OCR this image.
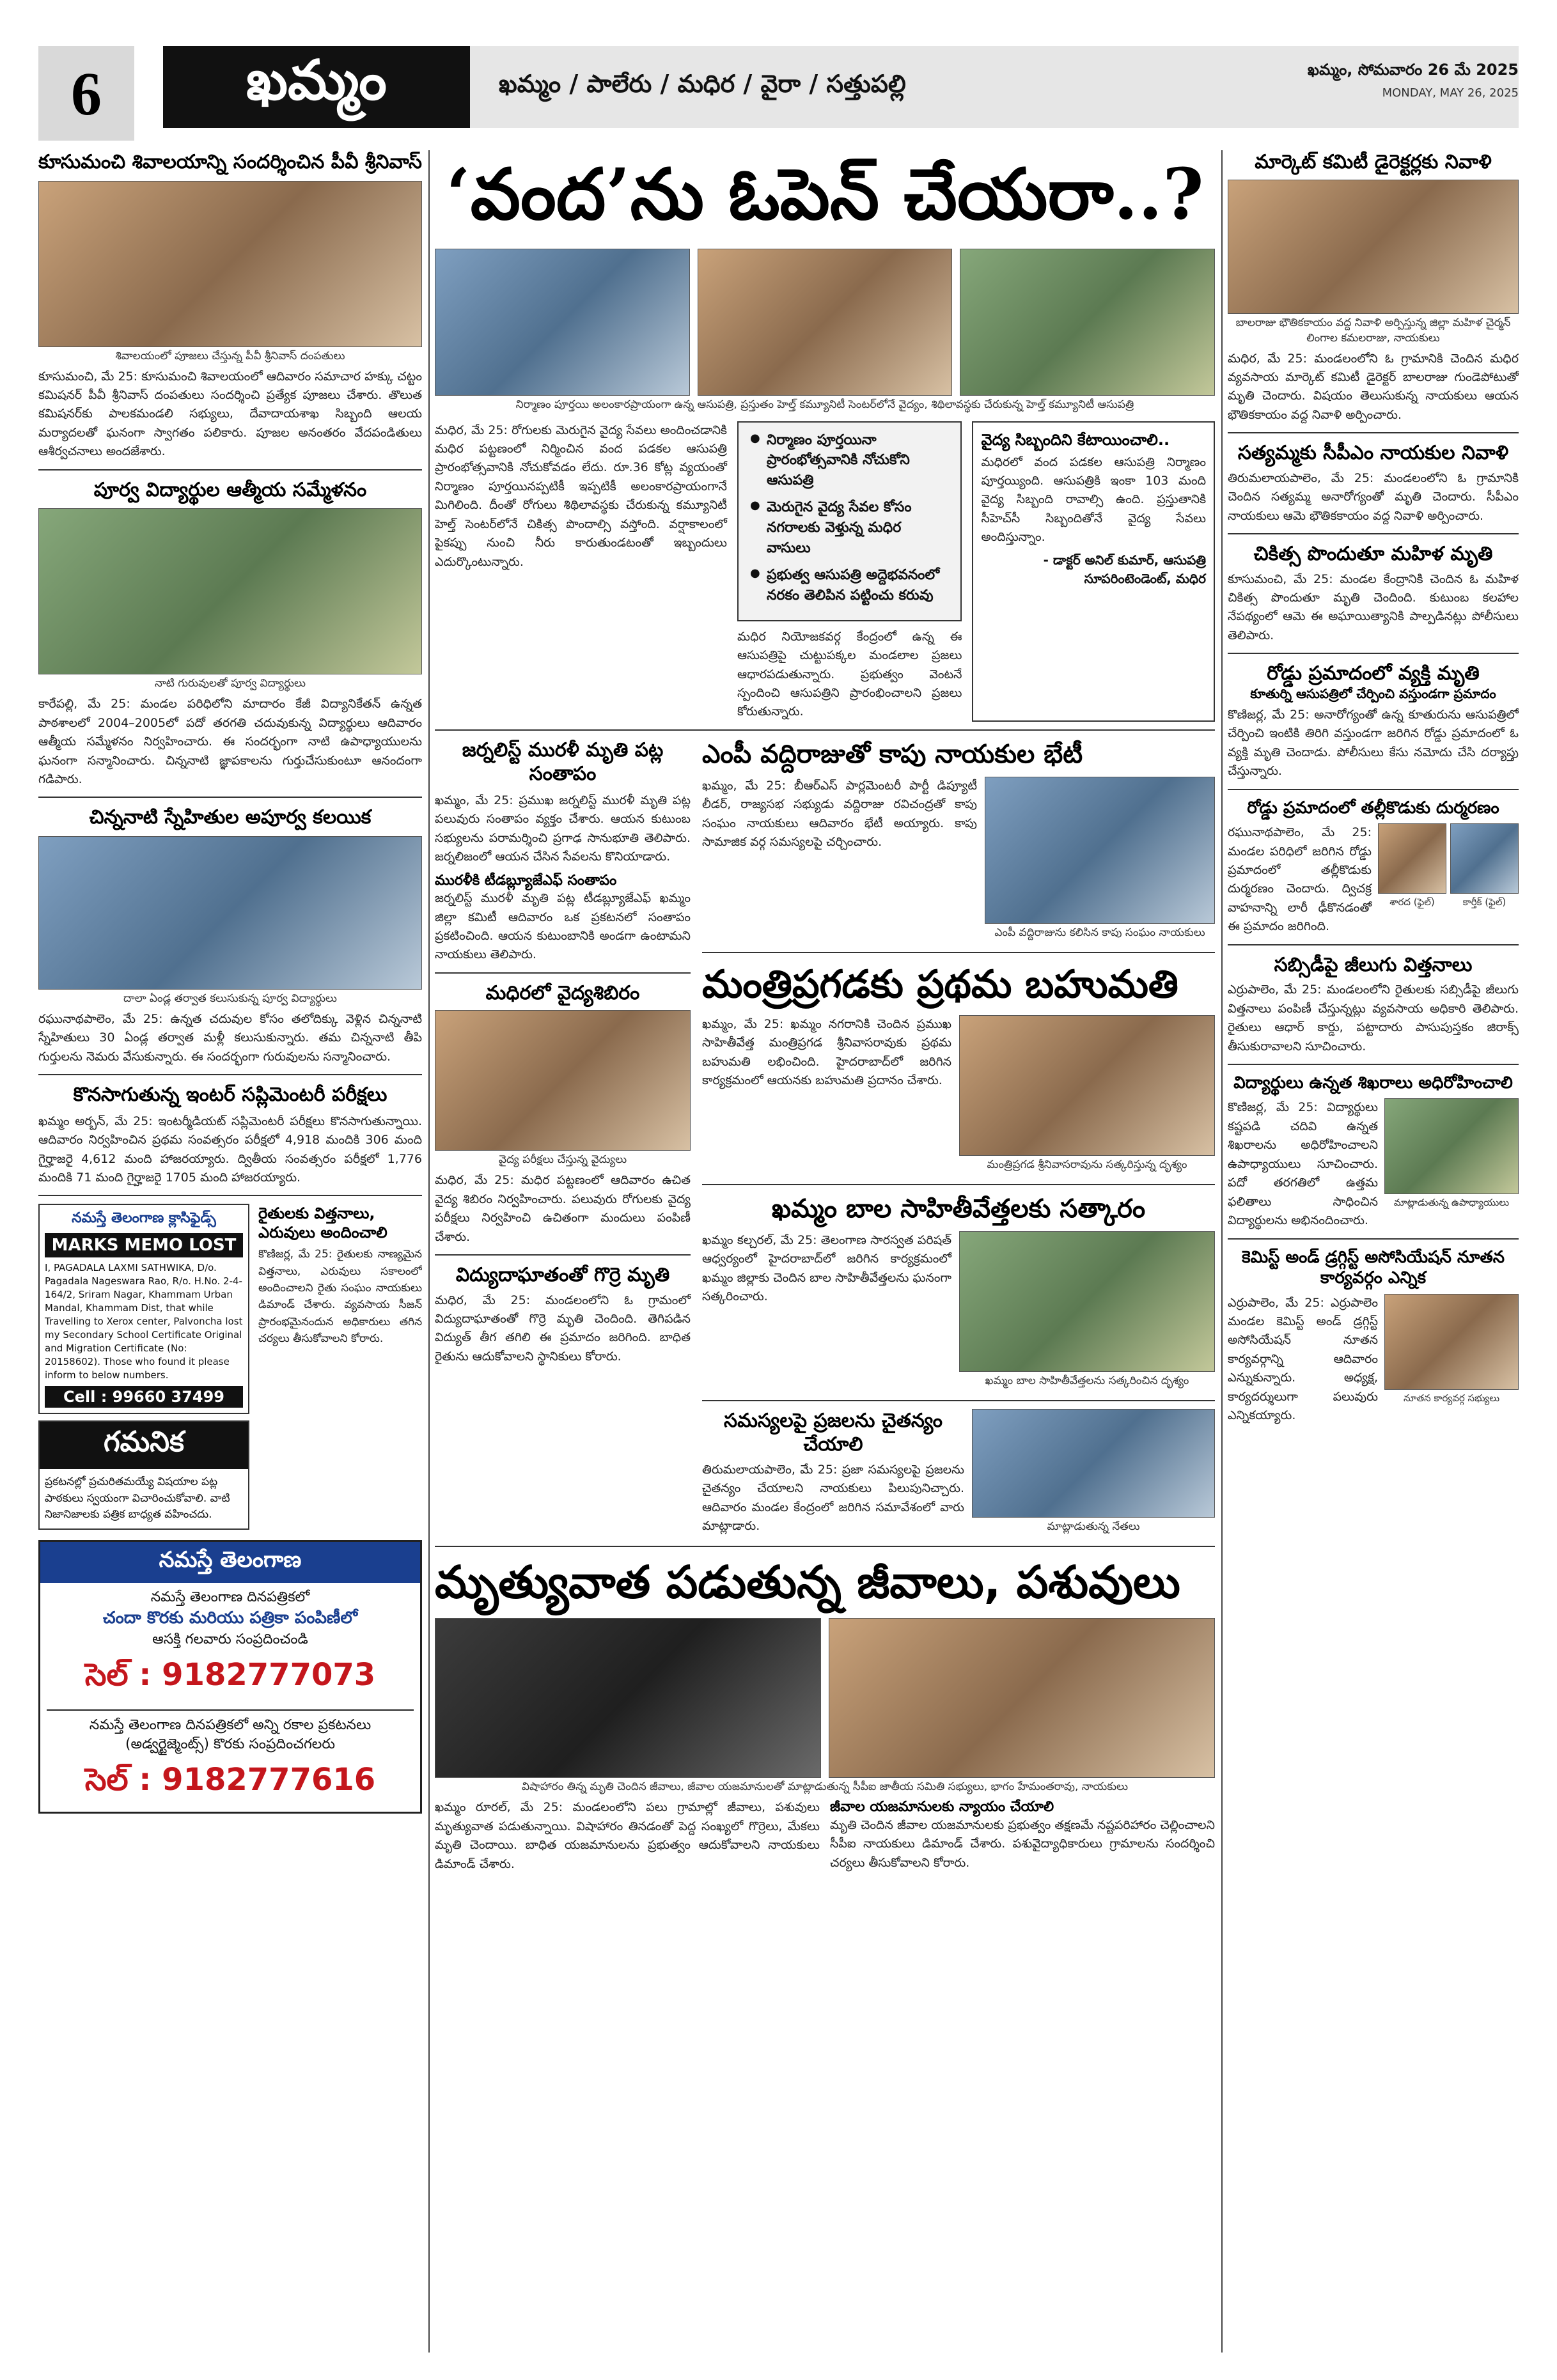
6	ఖమ్మం	ఖమ్మం / పాలేరు / మధిర / వైరా / సత్తుపల్లి	ఖమ్మం, సోమవారం 26 మే 2025
MONDAY, MAY 26, 2025
కూసుమంచి శివాలయాన్ని సందర్శించిన పీవీ శ్రీనివాస్
శివాలయంలో పూజలు చేస్తున్న పీవీ శ్రీనివాస్ దంపతులు
కూసుమంచి, మే 25: కూసుమంచి శివాలయంలో ఆదివారం సమాచార హక్కు చట్టం కమిషనర్ పీవీ శ్రీనివాస్ దంపతులు సందర్శించి ప్రత్యేక పూజలు చేశారు. తొలుత కమిషనర్‌కు పాలకమండలి సభ్యులు, దేవాదాయశాఖ సిబ్బంది ఆలయ మర్యాదలతో ఘనంగా స్వాగతం పలికారు. పూజల అనంతరం వేదపండితులు ఆశీర్వచనాలు అందజేశారు.
పూర్వ విద్యార్థుల ఆత్మీయ సమ్మేళనం
నాటి గురువులతో పూర్వ విద్యార్థులు
కారేపల్లి, మే 25: మండల పరిధిలోని మాదారం కేజీ విద్యానికేతన్ ఉన్నత పాఠశాలలో 2004–2005లో పదో తరగతి చదువుకున్న విద్యార్థులు ఆదివారం ఆత్మీయ సమ్మేళనం నిర్వహించారు. ఈ సందర్భంగా నాటి ఉపాధ్యాయులను ఘనంగా సన్మానించారు. చిన్ననాటి జ్ఞాపకాలను గుర్తుచేసుకుంటూ ఆనందంగా గడిపారు.
చిన్ననాటి స్నేహితుల అపూర్వ కలయిక
దాలా ఏండ్ల తర్వాత కలుసుకున్న పూర్వ విద్యార్థులు
రఘునాథపాలెం, మే 25: ఉన్నత చదువుల కోసం తలోదిక్కు వెళ్లిన చిన్ననాటి స్నేహితులు 30 ఏండ్ల తర్వాత మళ్లీ కలుసుకున్నారు. తమ చిన్ననాటి తీపి గుర్తులను నెమరు వేసుకున్నారు. ఈ సందర్భంగా గురువులను సన్మానించారు.
కొనసాగుతున్న ఇంటర్ సప్లిమెంటరీ పరీక్షలు
ఖమ్మం అర్బన్, మే 25: ఇంటర్మీడియట్ సప్లిమెంటరీ పరీక్షలు కొనసాగుతున్నాయి. ఆదివారం నిర్వహించిన ప్రథమ సంవత్సరం పరీక్షలో 4,918 మందికి 306 మంది గైర్హాజరై 4,612 మంది హాజరయ్యారు. ద్వితీయ సంవత్సరం పరీక్షలో 1,776 మందికి 71 మంది గైర్హాజరై 1705 మంది హాజరయ్యారు.
నమస్తే తెలంగాణ క్లాసిఫైడ్స్
MARKS MEMO LOST
I, PAGADALA LAXMI SATHWIKA, D/o. Pagadala Nageswara Rao, R/o. H.No. 2-4-164/2, Sriram Nagar, Khammam Urban Mandal, Khammam Dist, that while Travelling to Xerox center, Palvoncha lost my Secondary School Certificate Original and Migration Certificate (No: 20158602). Those who found it please inform to below numbers.
Cell : 99660 37499
గమనిక
ప్రకటనల్లో ప్రచురితమయ్యే విషయాల పట్ల పాఠకులు స్వయంగా విచారించుకోవాలి. వాటి నిజానిజాలకు పత్రిక బాధ్యత వహించదు.
రైతులకు విత్తనాలు, ఎరువులు అందించాలి
కొణిజర్ల, మే 25: రైతులకు నాణ్యమైన విత్తనాలు, ఎరువులు సకాలంలో అందించాలని రైతు సంఘం నాయకులు డిమాండ్ చేశారు. వ్యవసాయ సీజన్ ప్రారంభమైనందున అధికారులు తగిన చర్యలు తీసుకోవాలని కోరారు.
నమస్తే తెలంగాణ
నమస్తే తెలంగాణ దినపత్రికలో
చందా కొరకు మరియు పత్రికా పంపిణీలో
ఆసక్తి గలవారు సంప్రదించండి
సెల్ : 9182777073
నమస్తే తెలంగాణ దినపత్రికలో అన్ని రకాల ప్రకటనలు (అడ్వర్టైజ్మెంట్స్) కొరకు సంప్రదించగలరు
సెల్ : 9182777616
‘వంద’ను ఓపెన్ చేయరా..?
నిర్మాణం పూర్తయి అలంకారప్రాయంగా ఉన్న ఆసుపత్రి, ప్రస్తుతం హెల్త్ కమ్యూనిటీ సెంటర్‌లోనే వైద్యం, శిథిలావస్థకు చేరుకున్న హెల్త్ కమ్యూనిటీ ఆసుపత్రి
మధిర, మే 25: రోగులకు మెరుగైన వైద్య సేవలు అందించడానికి మధిర పట్టణంలో నిర్మించిన వంద పడకల ఆసుపత్రి ప్రారంభోత్సవానికి నోచుకోవడం లేదు. రూ.36 కోట్ల వ్యయంతో నిర్మాణం పూర్తయినప్పటికీ ఇప్పటికీ అలంకారప్రాయంగానే మిగిలింది. దీంతో రోగులు శిథిలావస్థకు చేరుకున్న కమ్యూనిటీ హెల్త్ సెంటర్‌లోనే చికిత్స పొందాల్సి వస్తోంది. వర్షాకాలంలో పైకప్పు నుంచి నీరు కారుతుండటంతో ఇబ్బందులు ఎదుర్కొంటున్నారు.
● నిర్మాణం పూర్తయినా ప్రారంభోత్సవానికి నోచుకోని ఆసుపత్రి
● మెరుగైన వైద్య సేవల కోసం నగరాలకు వెళ్తున్న మధిర వాసులు
● ప్రభుత్వ ఆసుపత్రి అద్దెభవనంలో నరకం తెలిపిన పట్టించు కరువు
మధిర నియోజకవర్గ కేంద్రంలో ఉన్న ఈ ఆసుపత్రిపై చుట్టుపక్కల మండలాల ప్రజలు ఆధారపడుతున్నారు. ప్రభుత్వం వెంటనే స్పందించి ఆసుపత్రిని ప్రారంభించాలని ప్రజలు కోరుతున్నారు.
వైద్య సిబ్బందిని కేటాయించాలి..
మధిరలో వంద పడకల ఆసుపత్రి నిర్మాణం పూర్తయ్యింది. ఆసుపత్రికి ఇంకా 103 మంది వైద్య సిబ్బంది రావాల్సి ఉంది. ప్రస్తుతానికి సీహెచ్‌సీ సిబ్బందితోనే వైద్య సేవలు అందిస్తున్నాం.
- డాక్టర్ అనిల్ కుమార్, ఆసుపత్రి సూపరింటెండెంట్, మధిర
జర్నలిస్ట్ మురళీ మృతి పట్ల సంతాపం
ఖమ్మం, మే 25: ప్రముఖ జర్నలిస్ట్ మురళీ మృతి పట్ల పలువురు సంతాపం వ్యక్తం చేశారు. ఆయన కుటుంబ సభ్యులను పరామర్శించి ప్రగాఢ సానుభూతి తెలిపారు. జర్నలిజంలో ఆయన చేసిన సేవలను కొనియాడారు.
మురళీకి టీడబ్ల్యూజేఎఫ్ సంతాపం
జర్నలిస్ట్ మురళీ మృతి పట్ల టీడబ్ల్యూజేఎఫ్ ఖమ్మం జిల్లా కమిటీ ఆదివారం ఒక ప్రకటనలో సంతాపం ప్రకటించింది. ఆయన కుటుంబానికి అండగా ఉంటామని నాయకులు తెలిపారు.
మధిరలో వైద్యశిబిరం
వైద్య పరీక్షలు చేస్తున్న వైద్యులు
మధిర, మే 25: మధిర పట్టణంలో ఆదివారం ఉచిత వైద్య శిబిరం నిర్వహించారు. పలువురు రోగులకు వైద్య పరీక్షలు నిర్వహించి ఉచితంగా మందులు పంపిణీ చేశారు.
విద్యుదాఘాతంతో గొర్రె మృతి
మధిర, మే 25: మండలంలోని ఓ గ్రామంలో విద్యుదాఘాతంతో గొర్రె మృతి చెందింది. తెగిపడిన విద్యుత్ తీగ తగిలి ఈ ప్రమాదం జరిగింది. బాధిత రైతును ఆదుకోవాలని స్థానికులు కోరారు.
ఎంపీ వద్దిరాజుతో కాపు నాయకుల భేటీ
ఖమ్మం, మే 25: బీఆర్ఎస్ పార్లమెంటరీ పార్టీ డిప్యూటీ లీడర్, రాజ్యసభ సభ్యుడు వద్దిరాజు రవిచంద్రతో కాపు సంఘం నాయకులు ఆదివారం భేటీ అయ్యారు. కాపు సామాజిక వర్గ సమస్యలపై చర్చించారు.
ఎంపీ వద్దిరాజును కలిసిన కాపు సంఘం నాయకులు
మంత్రిప్రగడకు ప్రథమ బహుమతి
ఖమ్మం, మే 25: ఖమ్మం నగరానికి చెందిన ప్రముఖ సాహితీవేత్త మంత్రిప్రగడ శ్రీనివాసరావుకు ప్రథమ బహుమతి లభించింది. హైదరాబాద్‌లో జరిగిన కార్యక్రమంలో ఆయనకు బహుమతి ప్రదానం చేశారు.
మంత్రిప్రగడ శ్రీనివాసరావును సత్కరిస్తున్న దృశ్యం
ఖమ్మం బాల సాహితీవేత్తలకు సత్కారం
ఖమ్మం కల్చరల్, మే 25: తెలంగాణ సారస్వత పరిషత్ ఆధ్వర్యంలో హైదరాబాద్‌లో జరిగిన కార్యక్రమంలో ఖమ్మం జిల్లాకు చెందిన బాల సాహితీవేత్తలను ఘనంగా సత్కరించారు.
ఖమ్మం బాల సాహితీవేత్తలను సత్కరించిన దృశ్యం
సమస్యలపై ప్రజలను చైతన్యం చేయాలి
తిరుమలాయపాలెం, మే 25: ప్రజా సమస్యలపై ప్రజలను చైతన్యం చేయాలని నాయకులు పిలుపునిచ్చారు. ఆదివారం మండల కేంద్రంలో జరిగిన సమావేశంలో వారు మాట్లాడారు.	మాట్లాడుతున్న నేతలు
మృత్యువాత పడుతున్న జీవాలు, పశువులు
విషాహారం తిన్న మృతి చెందిన జీవాలు, జీవాల యజమానులతో మాట్లాడుతున్న సీపీఐ జాతీయ సమితి సభ్యులు, భాగం హేమంతరావు, నాయకులు
ఖమ్మం రూరల్, మే 25: మండలంలోని పలు గ్రామాల్లో జీవాలు, పశువులు మృత్యువాత పడుతున్నాయి. విషాహారం తినడంతో పెద్ద సంఖ్యలో గొర్రెలు, మేకలు మృతి చెందాయి. బాధిత యజమానులను ప్రభుత్వం ఆదుకోవాలని నాయకులు డిమాండ్ చేశారు.
జీవాల యజమానులకు న్యాయం చేయాలి
మృతి చెందిన జీవాల యజమానులకు ప్రభుత్వం తక్షణమే నష్టపరిహారం చెల్లించాలని సీపీఐ నాయకులు డిమాండ్ చేశారు. పశువైద్యాధికారులు గ్రామాలను సందర్శించి చర్యలు తీసుకోవాలని కోరారు.
మార్కెట్ కమిటీ డైరెక్టర్లకు నివాళి
బాలరాజు భౌతికకాయం వద్ద నివాళి అర్పిస్తున్న జిల్లా మహిళ చైర్మన్ లింగాల కమలరాజు, నాయకులు
మధిర, మే 25: మండలంలోని ఓ గ్రామానికి చెందిన మధిర వ్యవసాయ మార్కెట్ కమిటీ డైరెక్టర్ బాలరాజు గుండెపోటుతో మృతి చెందారు. విషయం తెలుసుకున్న నాయకులు ఆయన భౌతికకాయం వద్ద నివాళి అర్పించారు.
సత్యమ్మకు సీపీఎం నాయకుల నివాళి
తిరుమలాయపాలెం, మే 25: మండలంలోని ఓ గ్రామానికి చెందిన సత్యమ్మ అనారోగ్యంతో మృతి చెందారు. సీపీఎం నాయకులు ఆమె భౌతికకాయం వద్ద నివాళి అర్పించారు.
చికిత్స పొందుతూ మహిళ మృతి
కూసుమంచి, మే 25: మండల కేంద్రానికి చెందిన ఓ మహిళ చికిత్స పొందుతూ మృతి చెందింది. కుటుంబ కలహాల నేపథ్యంలో ఆమె ఈ అఘాయిత్యానికి పాల్పడినట్లు పోలీసులు తెలిపారు.
రోడ్డు ప్రమాదంలో వ్యక్తి మృతి
కూతుర్ని ఆసుపత్రిలో చేర్పించి వస్తుండగా ప్రమాదం
కొణిజర్ల, మే 25: అనారోగ్యంతో ఉన్న కూతురును ఆసుపత్రిలో చేర్పించి ఇంటికి తిరిగి వస్తుండగా జరిగిన రోడ్డు ప్రమాదంలో ఓ వ్యక్తి మృతి చెందాడు. పోలీసులు కేసు నమోదు చేసి దర్యాప్తు చేస్తున్నారు.
రోడ్డు ప్రమాదంలో తల్లీకొడుకు దుర్మరణం
రఘునాథపాలెం, మే 25: మండల పరిధిలో జరిగిన రోడ్డు ప్రమాదంలో తల్లీకొడుకు దుర్మరణం చెందారు. ద్విచక్ర వాహనాన్ని లారీ ఢీకొనడంతో ఈ ప్రమాదం జరిగింది.
శారద (ఫైల్)	కార్తీక్ (ఫైల్)
సబ్సిడీపై జీలుగు విత్తనాలు
ఎర్రుపాలెం, మే 25: మండలంలోని రైతులకు సబ్సిడీపై జీలుగు విత్తనాలు పంపిణీ చేస్తున్నట్లు వ్యవసాయ అధికారి తెలిపారు. రైతులు ఆధార్ కార్డు, పట్టాదారు పాసుపుస్తకం జిరాక్స్ తీసుకురావాలని సూచించారు.
విద్యార్థులు ఉన్నత శిఖరాలు అధిరోహించాలి
కొణిజర్ల, మే 25: విద్యార్థులు కష్టపడి చదివి ఉన్నత శిఖరాలను అధిరోహించాలని ఉపాధ్యాయులు సూచించారు. పదో తరగతిలో ఉత్తమ ఫలితాలు సాధించిన విద్యార్థులను అభినందించారు.
మాట్లాడుతున్న ఉపాధ్యాయులు
కెమిస్ట్ అండ్ డ్రగ్గిస్ట్ అసోసియేషన్ నూతన కార్యవర్గం ఎన్నిక
ఎర్రుపాలెం, మే 25: ఎర్రుపాలెం మండల కెమిస్ట్ అండ్ డ్రగ్గిస్ట్ అసోసియేషన్ నూతన కార్యవర్గాన్ని ఆదివారం ఎన్నుకున్నారు. అధ్యక్ష, కార్యదర్శులుగా పలువురు ఎన్నికయ్యారు.
నూతన కార్యవర్గ సభ్యులు
